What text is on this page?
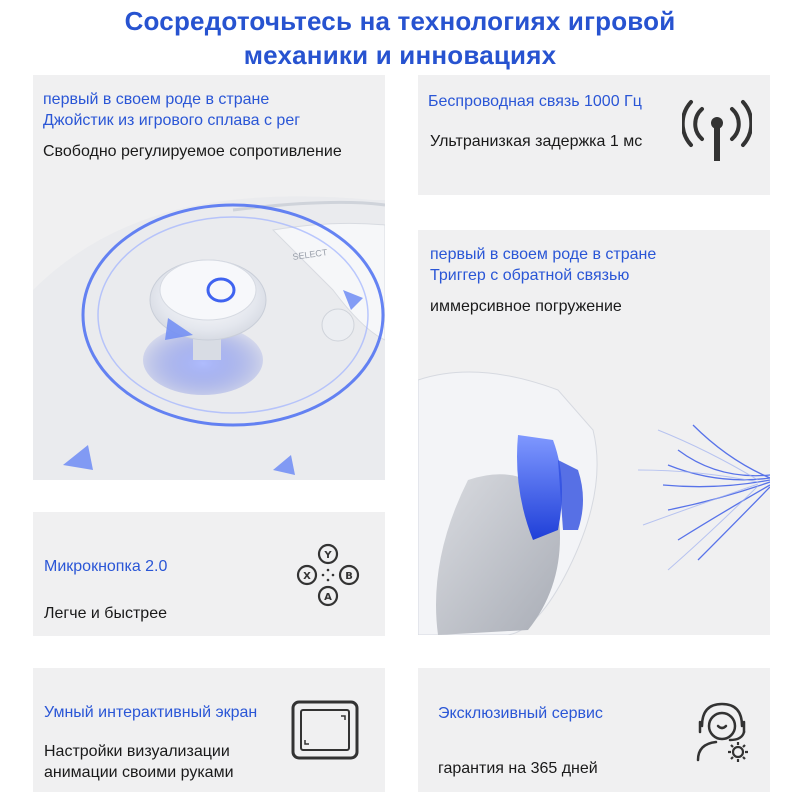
Сосредоточьтесь на технологиях игровой
механики и инновациях
первый в своем роде в стране
Джойстик из игрового сплава с рег
Свободно регулируемое сопротивление
SELECT
Беспроводная связь 1000 Гц
Ультранизкая задержка 1 мс
первый в своем роде в стране
Триггер с обратной связью
иммерсивное погружение
Микрокнопка 2.0
Легче и быстрее
Y
X	B
A
Умный интерактивный экран
Настройки визуализации
анимации своими руками
Эксклюзивный сервис
гарантия на 365 дней
